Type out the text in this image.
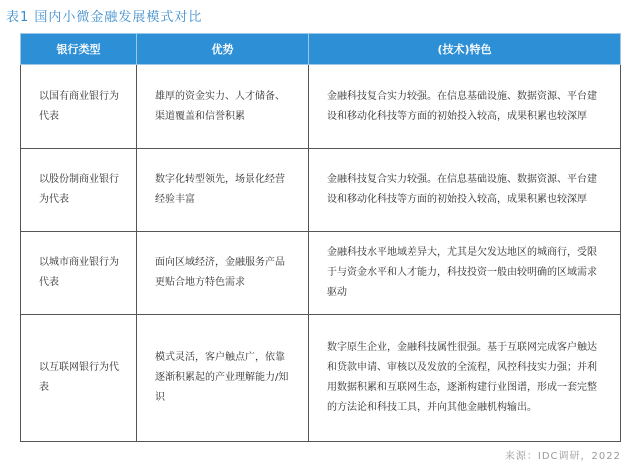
表1 国内小微金融发展模式对比
银行类型	优势	(技术)特色
以国有商业银行为代表	雄厚的资金实力、人才储备、渠道覆盖和信誉积累	金融科技复合实力较强。在信息基础设施、数据资源、平台建设和移动化科技等方面的初始投入较高，成果积累也较深厚
以股份制商业银行为代表	数字化转型领先，场景化经营经验丰富	金融科技复合实力较强。在信息基础设施、数据资源、平台建设和移动化科技等方面的初始投入较高，成果积累也较深厚
以城市商业银行为代表	面向区域经济，金融服务产品更贴合地方特色需求	金融科技水平地域差异大，尤其是欠发达地区的城商行，受限于与资金水平和人才能力，科技投资一般由较明确的区域需求驱动
以互联网银行为代表	模式灵活，客户触点广，依靠逐渐积累起的产业理解能力/知识	数字原生企业，金融科技属性很强。基于互联网完成客户触达和贷款申请、审核以及发放的全流程，风控科技实力强；并利用数据积累和互联网生态，逐渐构建行业图谱，形成一套完整的方法论和科技工具，并向其他金融机构输出。
来源：IDC调研，2022
